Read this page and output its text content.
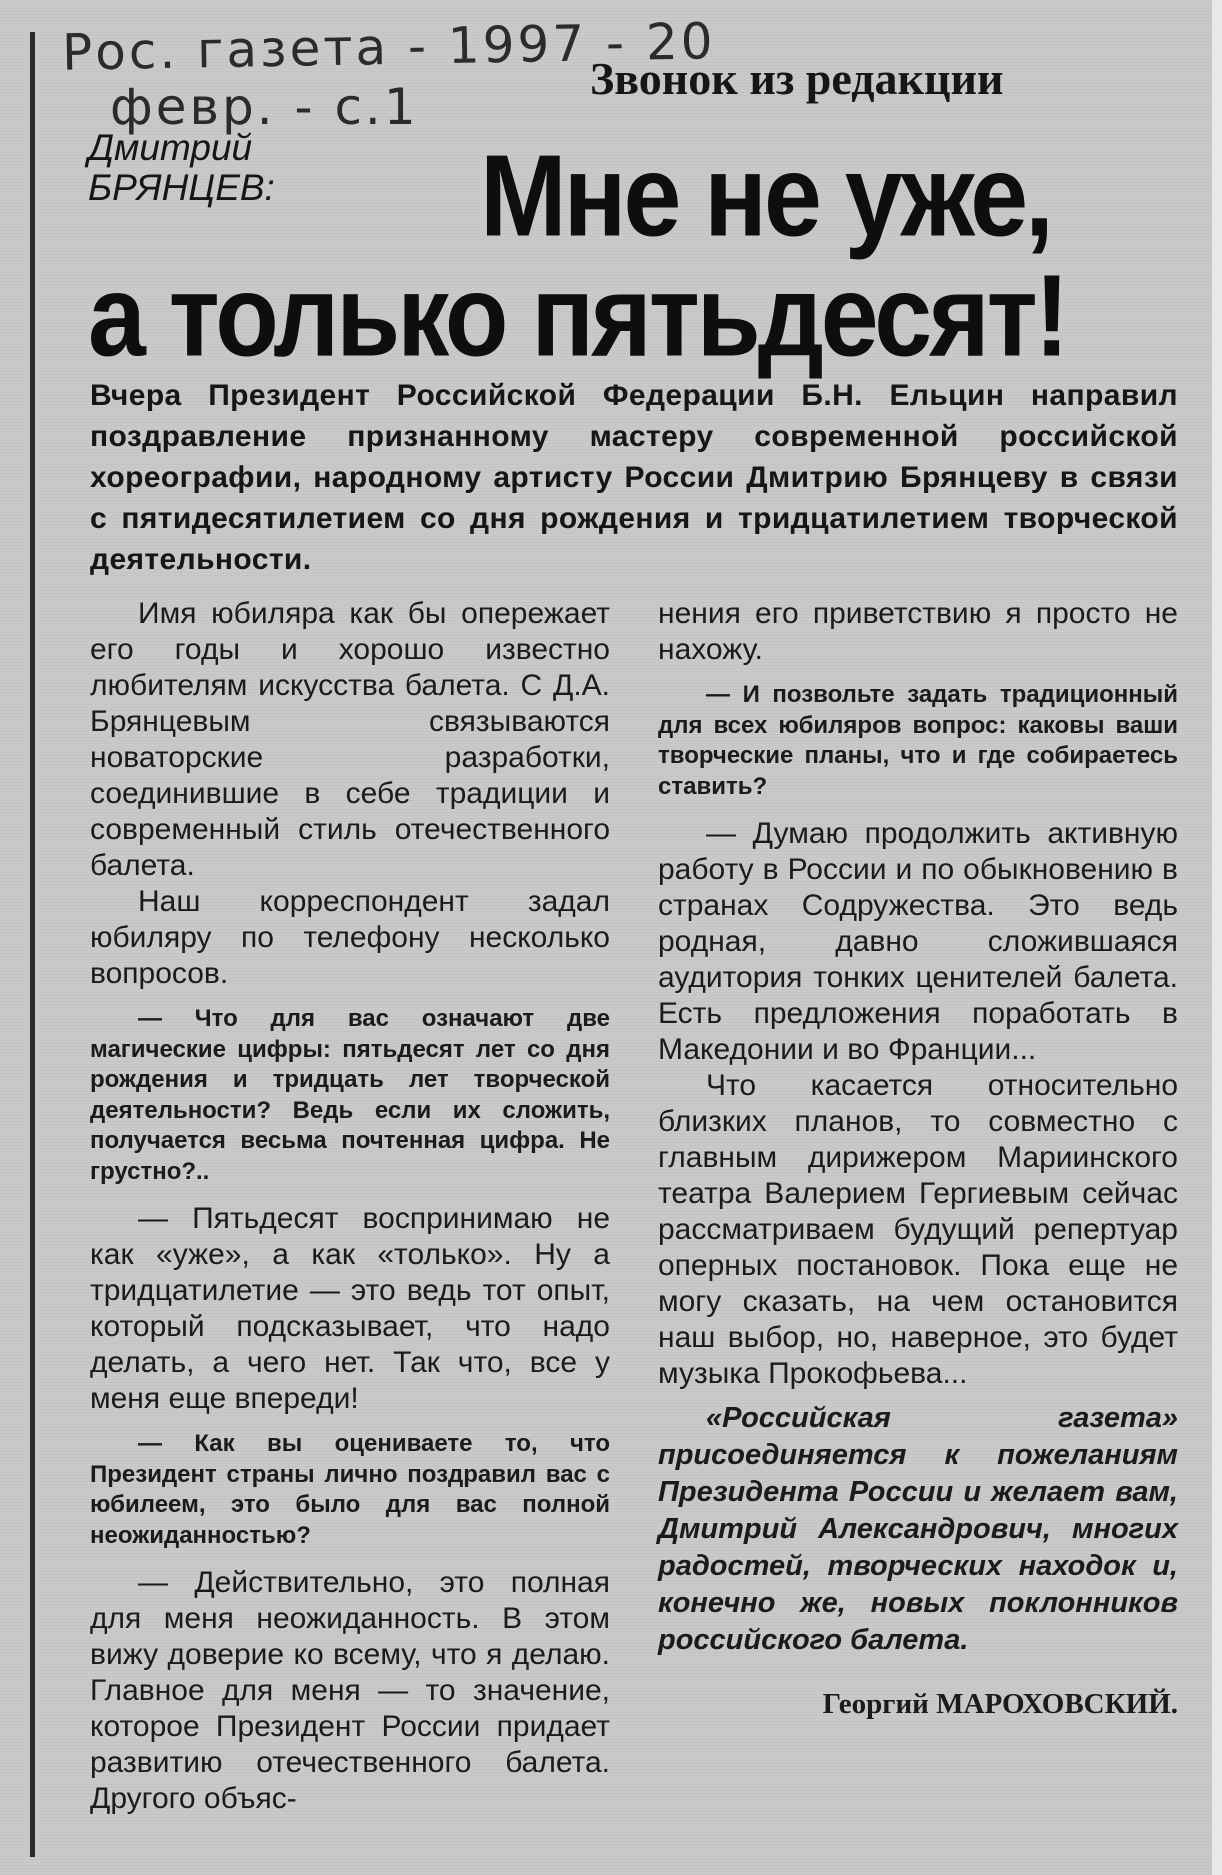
Рос. газета - 1997 - 20
февр. - с.1	Звонок из редакции
Дмитрий
БРЯНЦЕВ: Мне не уже,
а только пятьдесят!
Вчера Президент Российской Федерации Б.Н. Ельцин направил поздравление признанному мастеру современной российской хореографии, народному артисту России Дмитрию Брянцеву в связи с пятидесятилетием со дня рождения и тридцатилетием творческой деятельности.

Имя юбиляра как бы опережает его годы и хорошо известно любителям искусства балета. С Д.А. Брянцевым связываются новаторские разработки, соединившие в себе традиции и современный стиль отечественного балета.

Наш корреспондент задал юбиляру по телефону несколько вопросов.

— Что для вас означают две магические цифры: пятьдесят лет со дня рождения и тридцать лет творческой деятельности? Ведь если их сложить, получается весьма почтенная цифра. Не грустно?..

— Пятьдесят воспринимаю не как «уже», а как «только». Ну а тридцатилетие — это ведь тот опыт, который подсказывает, что надо делать, а чего нет. Так что, все у меня еще впереди!

— Как вы оцениваете то, что Президент страны лично поздравил вас с юбилеем, это было для вас полной неожиданностью?

— Действительно, это полная для меня неожиданность. В этом вижу доверие ко всему, что я делаю. Главное для меня — то значение, которое Президент России придает развитию отечественного балета. Другого объяс-

нения его приветствию я просто не нахожу.

— И позвольте задать традиционный для всех юбиляров вопрос: каковы ваши творческие планы, что и где собираетесь ставить?

— Думаю продолжить активную работу в России и по обыкновению в странах Содружества. Это ведь родная, давно сложившаяся аудитория тонких ценителей балета. Есть предложения поработать в Македонии и во Франции...

Что касается относительно близких планов, то совместно с главным дирижером Мариинского театра Валерием Гергиевым сейчас рассматриваем будущий репертуар оперных постановок. Пока еще не могу сказать, на чем остановится наш выбор, но, наверное, это будет музыка Прокофьева...

«Российская газета» присоединяется к пожеланиям Президента России и желает вам, Дмитрий Александрович, многих радостей, творческих находок и, конечно же, новых поклонников российского балета.

Георгий МАРОХОВСКИЙ.
